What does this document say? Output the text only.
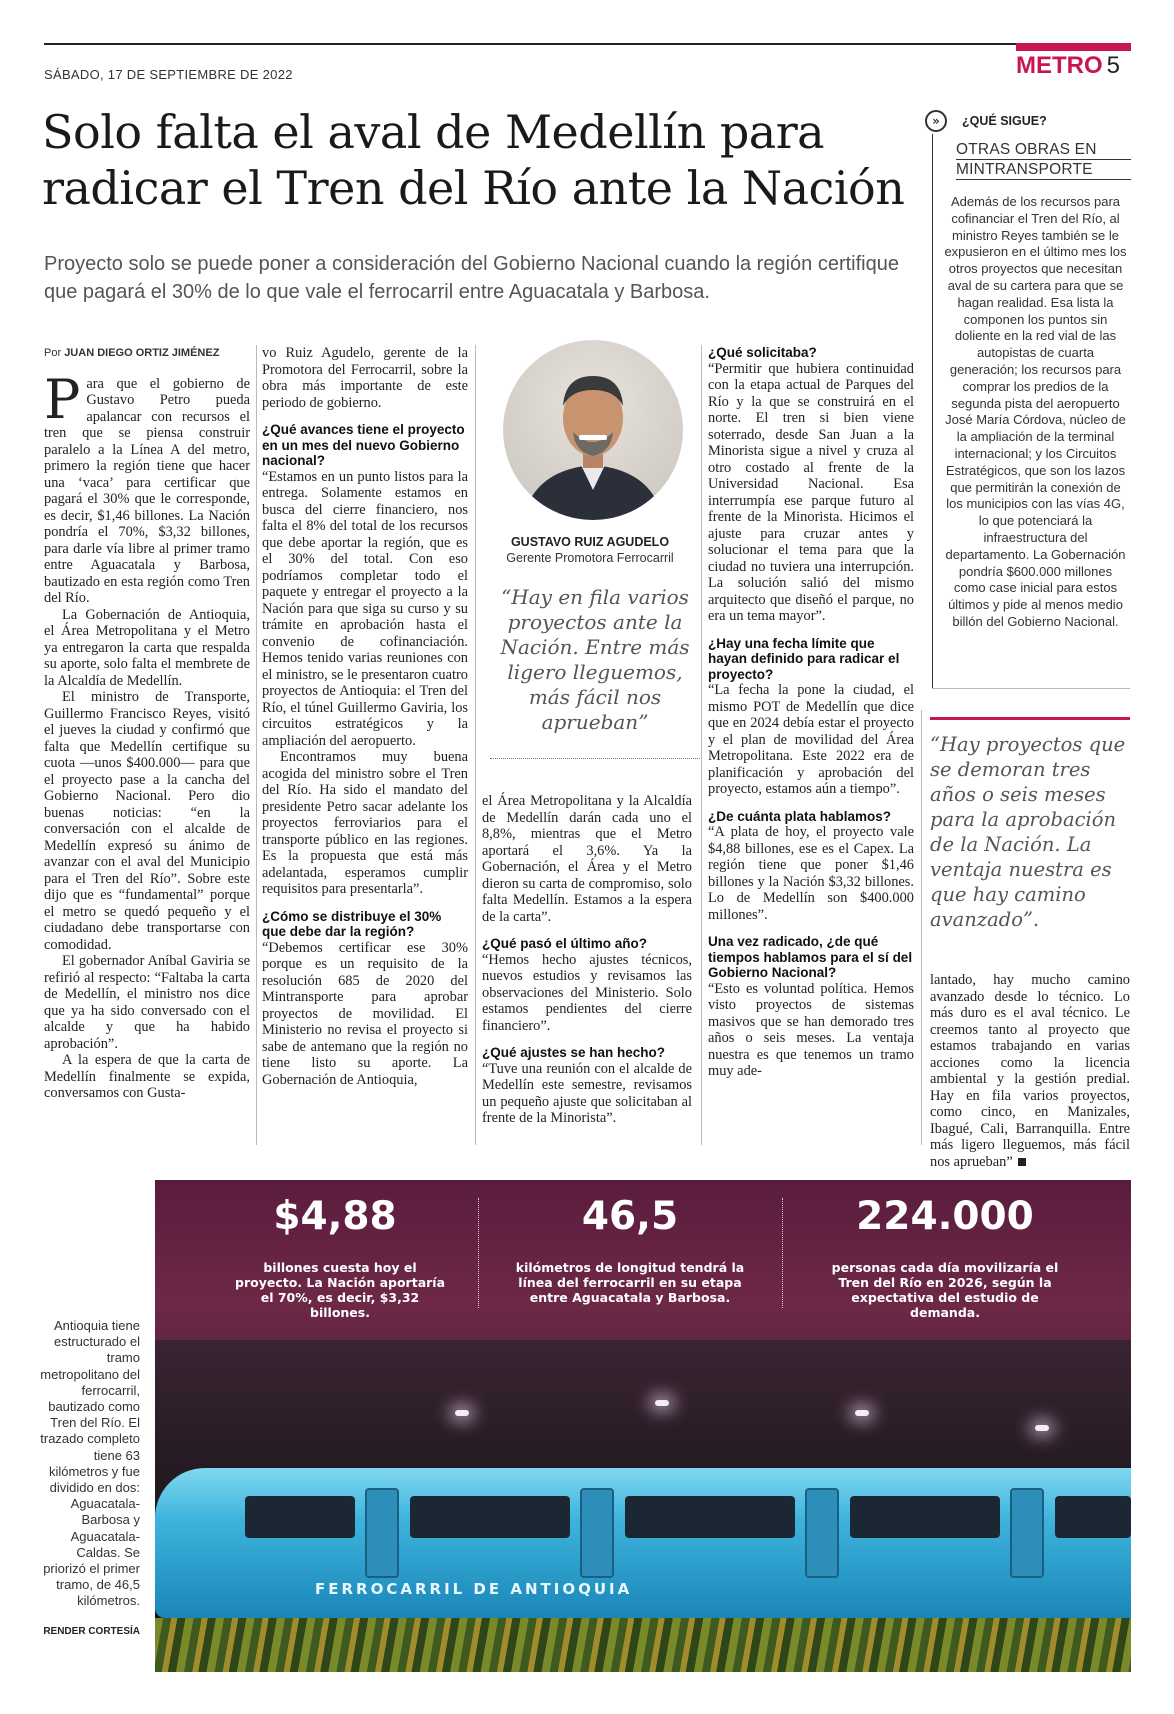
SÁBADO, 17 DE SEPTIEMBRE DE 2022	METRO 5
Solo falta el aval de Medellín para radicar el Tren del Río ante la Nación
Proyecto solo se puede poner a consideración del Gobierno Nacional cuando la región certifique que pagará el 30% de lo que vale el ferrocarril entre Aguacatala y Barbosa.
Por JUAN DIEGO ORTIZ JIMÉNEZ

Para que el gobierno de Gustavo Petro pueda apalancar con recursos el tren que se piensa construir paralelo a la Línea A del metro, primero la región tiene que hacer una ‘vaca’ para certificar que pagará el 30% que le corresponde, es decir, $1,46 billones. La Nación pondría el 70%, $3,32 billones, para darle vía libre al primer tramo entre Aguacatala y Barbosa, bautizado en esta región como Tren del Río.

La Gobernación de Antioquia, el Área Metropolitana y el Metro ya entregaron la carta que respalda su aporte, solo falta el membrete de la Alcaldía de Medellín.

El ministro de Transporte, Guillermo Francisco Reyes, visitó el jueves la ciudad y confirmó que falta que Medellín certifique su cuota —unos $400.000— para que el proyecto pase a la cancha del Gobierno Nacional. Pero dio buenas noticias: “en la conversación con el alcalde de Medellín expresó su ánimo de avanzar con el aval del Municipio para el Tren del Río”. Sobre este dijo que es “fundamental” porque el metro se quedó pequeño y el ciudadano debe transportarse con comodidad.

El gobernador Aníbal Gaviria se refirió al respecto: “Faltaba la carta de Medellín, el ministro nos dice que ya ha sido conversado con el alcalde y que ha habido aprobación”.

A la espera de que la carta de Medellín finalmente se expida, conversamos con Gusta-

vo Ruiz Agudelo, gerente de la Promotora del Ferrocarril, sobre la obra más importante de este periodo de gobierno.

¿Qué avances tiene el proyecto en un mes del nuevo Gobierno nacional?

“Estamos en un punto listos para la entrega. Solamente estamos en busca del cierre financiero, nos falta el 8% del total de los recursos que debe aportar la región, que es el 30% del total. Con eso podríamos completar todo el paquete y entregar el proyecto a la Nación para que siga su curso y su trámite en aprobación hasta el convenio de cofinanciación. Hemos tenido varias reuniones con el ministro, se le presentaron cuatro proyectos de Antioquia: el Tren del Río, el túnel Guillermo Gaviria, los circuitos estratégicos y la ampliación del aeropuerto.

Encontramos muy buena acogida del ministro sobre el Tren del Río. Ha sido el mandato del presidente Petro sacar adelante los proyectos ferroviarios para el transporte público en las regiones. Es la propuesta que está más adelantada, esperamos cumplir requisitos para presentarla”.

¿Cómo se distribuye el 30% que debe dar la región?

“Debemos certificar ese 30% porque es un requisito de la resolución 685 de 2020 del Mintransporte para aprobar proyectos de movilidad. El Ministerio no revisa el proyecto si sabe de antemano que la región no tiene listo su aporte. La Gobernación de Antioquia,

GUSTAVO RUIZ AGUDELO
Gerente Promotora Ferrocarril
“Hay en fila varios proyectos ante la Nación. Entre más ligero lleguemos, más fácil nos aprueban”

el Área Metropolitana y la Alcaldía de Medellín darán cada uno el 8,8%, mientras que el Metro aportará el 3,6%. Ya la Gobernación, el Área y el Metro dieron su carta de compromiso, solo falta Medellín. Estamos a la espera de la carta”.

¿Qué pasó el último año?

“Hemos hecho ajustes técnicos, nuevos estudios y revisamos las observaciones del Ministerio. Solo estamos pendientes del cierre financiero”.

¿Qué ajustes se han hecho?

“Tuve una reunión con el alcalde de Medellín este semestre, revisamos un pequeño ajuste que solicitaban al frente de la Minorista”.

¿Qué solicitaba?

“Permitir que hubiera continuidad con la etapa actual de Parques del Río y la que se construirá en el norte. El tren si bien viene soterrado, desde San Juan a la Minorista sigue a nivel y cruza al otro costado al frente de la Universidad Nacional. Esa interrumpía ese parque futuro al frente de la Minorista. Hicimos el ajuste para cruzar antes y solucionar el tema para que la ciudad no tuviera una interrupción. La solución salió del mismo arquitecto que diseñó el parque, no era un tema mayor”.

¿Hay una fecha límite que hayan definido para radicar el proyecto?

“La fecha la pone la ciudad, el mismo POT de Medellín que dice que en 2024 debía estar el proyecto y el plan de movilidad del Área Metropolitana. Este 2022 era de planificación y aprobación del proyecto, estamos aún a tiempo”.

¿De cuánta plata hablamos?

“A plata de hoy, el proyecto vale $4,88 billones, ese es el Capex. La región tiene que poner $1,46 billones y la Nación $3,32 billones. Lo de Medellín son $400.000 millones”.

Una vez radicado, ¿de qué tiempos hablamos para el sí del Gobierno Nacional?

“Esto es voluntad política. Hemos visto proyectos de sistemas masivos que se han demorado tres años o seis meses. La ventaja nuestra es que tenemos un tramo muy ade-

»	¿QUÉ SIGUE?
OTRAS OBRAS EN
MINTRANSPORTE
Además de los recursos para cofinanciar el Tren del Río, al ministro Reyes también se le expusieron en el último mes los otros proyectos que necesitan aval de su cartera para que se hagan realidad. Esa lista la componen los puntos sin doliente en la red vial de las autopistas de cuarta generación; los recursos para comprar los predios de la segunda pista del aeropuerto José María Córdova, núcleo de la ampliación de la terminal internacional; y los Circuitos Estratégicos, que son los lazos que permitirán la conexión de los municipios con las vías 4G, lo que potenciará la infraestructura del departamento. La Gobernación pondría $600.000 millones como case inicial para estos últimos y pide al menos medio billón del Gobierno Nacional.
“Hay proyectos que se demoran tres años o seis meses para la aprobación de la Nación. La ventaja nuestra es que hay camino avanzado”.

lantado, hay mucho camino avanzado desde lo técnico. Lo más duro es el aval técnico. Le creemos tanto al proyecto que estamos trabajando en varias acciones como la licencia ambiental y la gestión predial. Hay en fila varios proyectos, como cinco, en Manizales, Ibagué, Cali, Barranquilla. Entre más ligero lleguemos, más fácil nos aprueban”

FERROCARRIL DE ANTIOQUIA
$4,88
billones cuesta hoy el proyecto. La Nación aportaría el 70%, es decir, $3,32 billones.
46,5
kilómetros de longitud tendrá la línea del ferrocarril en su etapa entre Aguacatala y Barbosa.
224.000
personas cada día movilizaría el Tren del Río en 2026, según la expectativa del estudio de demanda.
Antioquia tiene estructurado el tramo metropolitano del ferrocarril, bautizado como Tren del Río. El trazado completo tiene 63 kilómetros y fue dividido en dos: Aguacatala-Barbosa y Aguacatala-Caldas. Se priorizó el primer tramo, de 46,5 kilómetros.
RENDER CORTESÍA
